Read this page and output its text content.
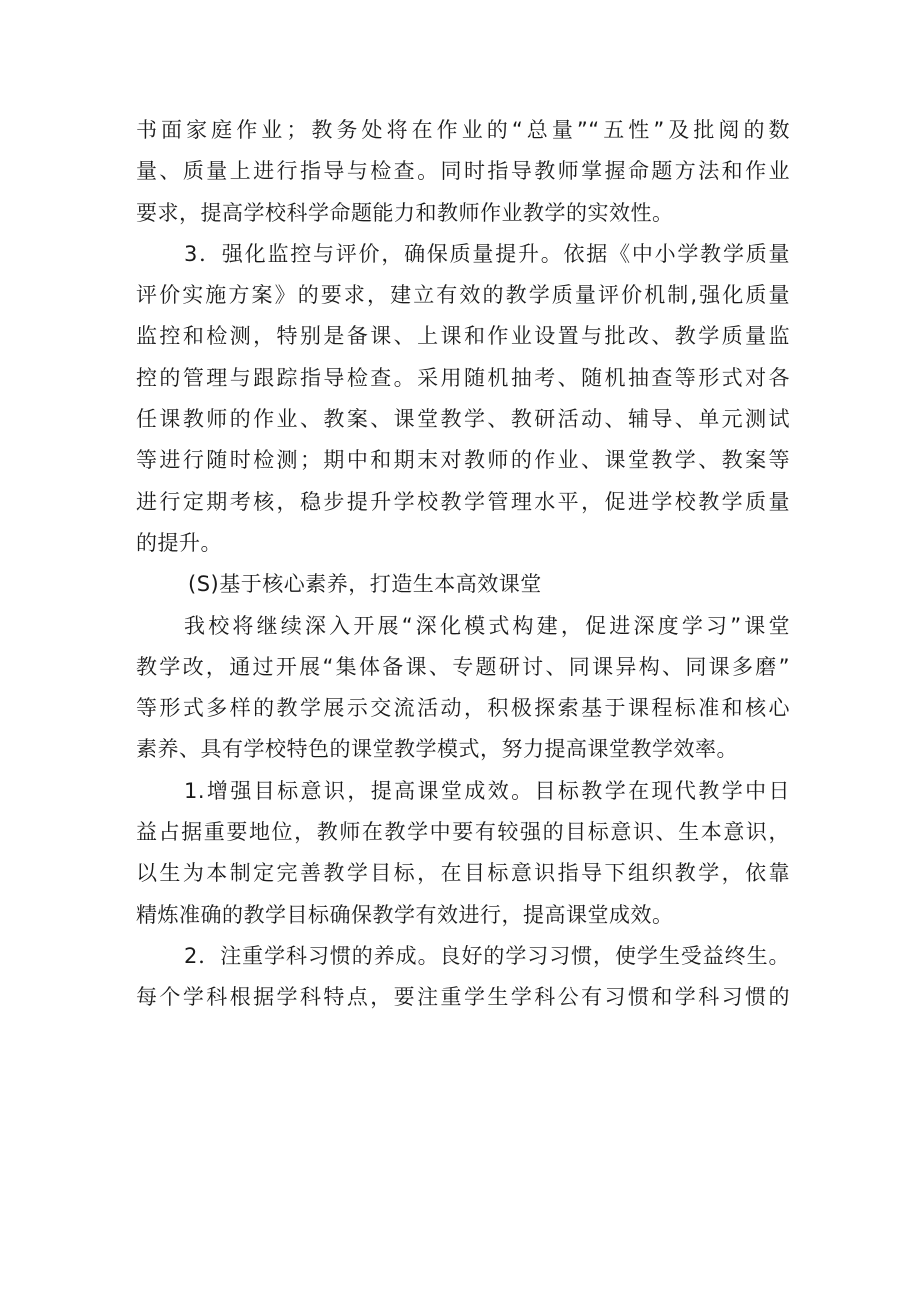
书面家庭作业；教务处将在作业的“总量”“五性”及批阅的数
量、质量上进行指导与检查。同时指导教师掌握命题方法和作业
要求，提高学校科学命题能力和教师作业教学的实效性。
3．强化监控与评价，确保质量提升。依据《中小学教学质量
评价实施方案》的要求，建立有效的教学质量评价机制,强化质量
监控和检测，特别是备课、上课和作业设置与批改、教学质量监
控的管理与跟踪指导检查。采用随机抽考、随机抽查等形式对各
任课教师的作业、教案、课堂教学、教研活动、辅导、单元测试
等进行随时检测；期中和期末对教师的作业、课堂教学、教案等
进行定期考核，稳步提升学校教学管理水平，促进学校教学质量
的提升。
(S)基于核心素养，打造生本高效课堂
我校将继续深入开展“深化模式构建，促进深度学习”课堂
教学改，通过开展“集体备课、专题研讨、同课异构、同课多磨”
等形式多样的教学展示交流活动，积极探索基于课程标准和核心
素养、具有学校特色的课堂教学模式，努力提高课堂教学效率。
1.增强目标意识，提高课堂成效。目标教学在现代教学中日
益占据重要地位，教师在教学中要有较强的目标意识、生本意识，
以生为本制定完善教学目标，在目标意识指导下组织教学，依靠
精炼准确的教学目标确保教学有效进行，提高课堂成效。
2．注重学科习惯的养成。良好的学习习惯，使学生受益终生。
每个学科根据学科特点，要注重学生学科公有习惯和学科习惯的
